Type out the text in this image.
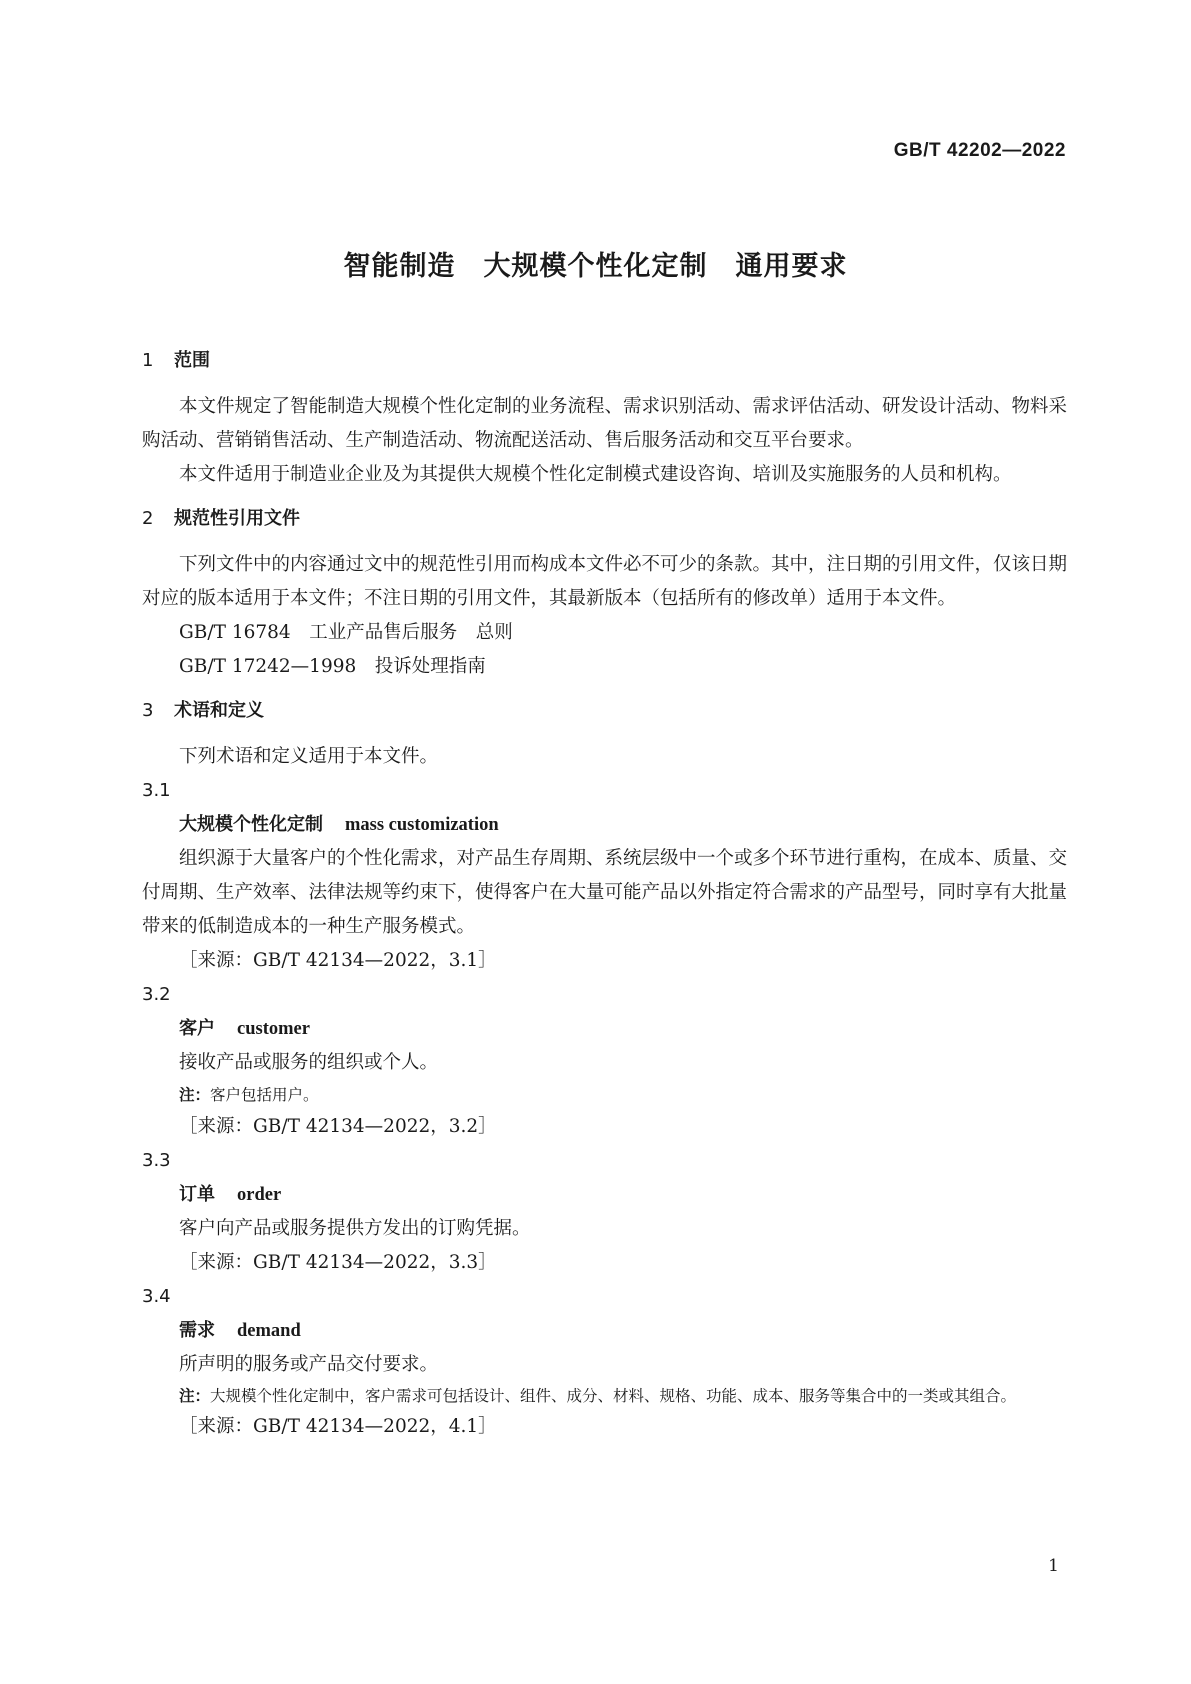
GB/T 42202—2022
智能制造　 大规模个性化定制　 通用要求
1 范围

本文件规定了智能制造大规模个性化定制的业务流程、需求识别活动、需求评估活动、研发设计活动、物料采购活动、营销销售活动、生产制造活动、物流配送活动、售后服务活动和交互平台要求。

本文件适用于制造业企业及为其提供大规模个性化定制模式建设咨询、培训及实施服务的人员和机构。

2 规范性引用文件

下列文件中的内容通过文中的规范性引用而构成本文件必不可少的条款。其中，注日期的引用文件，仅该日期对应的版本适用于本文件；不注日期的引用文件，其最新版本（包括所有的修改单）适用于本文件。

GB/T 16784　 工业产品售后服务　总则
GB/T 17242—1998　 投诉处理指南
3 术语和定义

下列术语和定义适用于本文件。

3.1
大规模个性化定制 mass customization

组织源于大量客户的个性化需求，对产品生存周期、系统层级中一个或多个环节进行重构，在成本、质量、交付周期、生产效率、法律法规等约束下，使得客户在大量可能产品以外指定符合需求的产品型号，同时享有大批量带来的低制造成本的一种生产服务模式。

［来源：GB/T 42134—2022，3.1］
3.2
客户 customer
接收产品或服务的组织或个人。
注：客户包括用户。
［来源：GB/T 42134—2022，3.2］
3.3
订单 order
客户向产品或服务提供方发出的订购凭据。
［来源：GB/T 42134—2022，3.3］
3.4
需求 demand
所声明的服务或产品交付要求。
注：大规模个性化定制中，客户需求可包括设计、组件、成分、材料、规格、功能、成本、服务等集合中的一类或其组合。
［来源：GB/T 42134—2022，4.1］
1
